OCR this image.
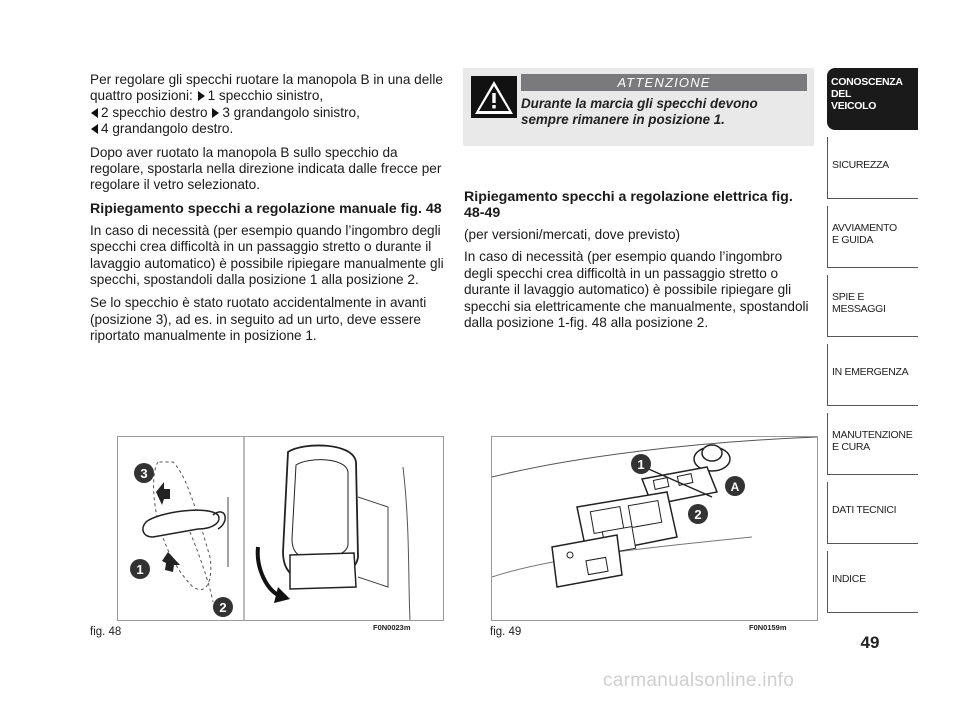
Per regolare gli specchi ruotare la manopola B in una delle quattro posizioni: 1 specchio sinistro,
2 specchio destro 3 grandangolo sinistro,
4 grandangolo destro.

Dopo aver ruotato la manopola B sullo specchio da regolare, spostarla nella direzione indicata dalle frecce per regolare il vetro selezionato.

Ripiegamento specchi a regolazione manuale fig. 48

In caso di necessità (per esempio quando l’ingombro degli specchi crea difficoltà in un passaggio stretto o durante il lavaggio automatico) è possibile ripiegare manualmente gli specchi, spostandoli dalla posizione 1 alla posizione 2.

Se lo specchio è stato ruotato accidentalmente in avanti (posizione 3), ad es. in seguito ad un urto, deve essere riportato manualmente in posizione 1.

ATTENZIONE
Durante la marcia gli specchi devono sempre rimanere in posizione 1.
Ripiegamento specchi a regolazione elettrica fig. 48-49

(per versioni/mercati, dove previsto)

In caso di necessità (per esempio quando l’ingombro degli specchi crea difficoltà in un passaggio stretto o durante il lavaggio automatico) è possibile ripiegare gli specchi sia elettricamente che manualmente, spostandoli dalla posizione 1-fig. 48 alla posizione 2.

3
1
2
fig. 48	F0N0023m
1
A
2
fig. 49	F0N0159m
CONOSCENZA
DEL
VEICOLO
SICUREZZA
AVVIAMENTO
E GUIDA
SPIE E
MESSAGGI
IN EMERGENZA
MANUTENZIONE
E CURA
DATI TECNICI
INDICE
49
carmanualsonline.info
